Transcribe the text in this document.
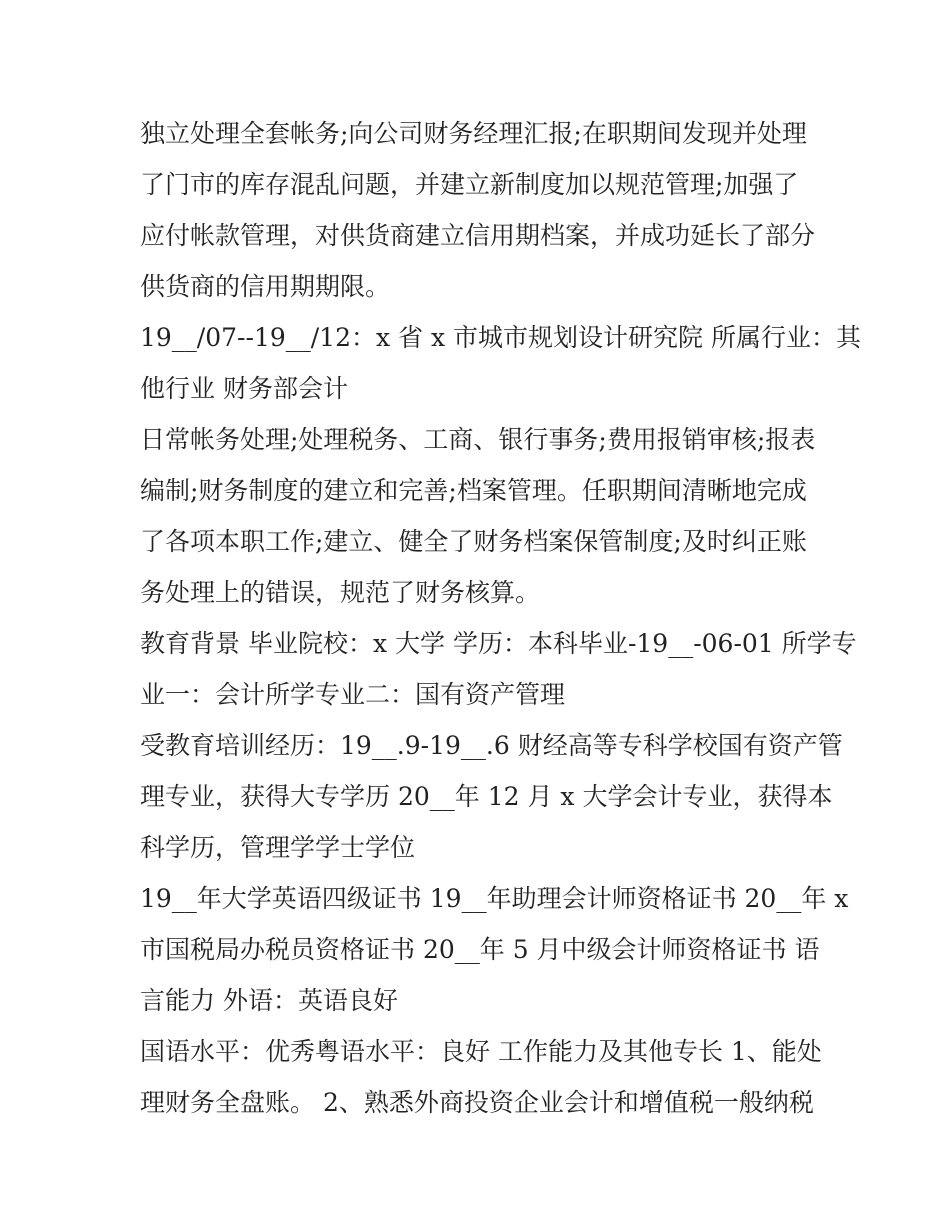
独立处理全套帐务;向公司财务经理汇报;在职期间发现并处理
了门市的库存混乱问题，并建立新制度加以规范管理;加强了
应付帐款管理，对供货商建立信用期档案，并成功延长了部分
供货商的信用期期限。
19__/07--19__/12：x 省 x 市城市规划设计研究院 所属行业：其
他行业 财务部会计
日常帐务处理;处理税务、工商、银行事务;费用报销审核;报表
编制;财务制度的建立和完善;档案管理。任职期间清晰地完成
了各项本职工作;建立、健全了财务档案保管制度;及时纠正账
务处理上的错误，规范了财务核算。
教育背景 毕业院校：x 大学 学历：本科毕业-19__-06-01 所学专
业一：会计所学专业二：国有资产管理
受教育培训经历：19__.9-19__.6 财经高等专科学校国有资产管
理专业，获得大专学历 20__年 12 月 x 大学会计专业，获得本
科学历，管理学学士学位
19__年大学英语四级证书 19__年助理会计师资格证书 20__年 x
市国税局办税员资格证书 20__年 5 月中级会计师资格证书 语
言能力 外语：英语良好
国语水平：优秀粤语水平：良好 工作能力及其他专长 1、能处
理财务全盘账。 2、熟悉外商投资企业会计和增值税一般纳税
